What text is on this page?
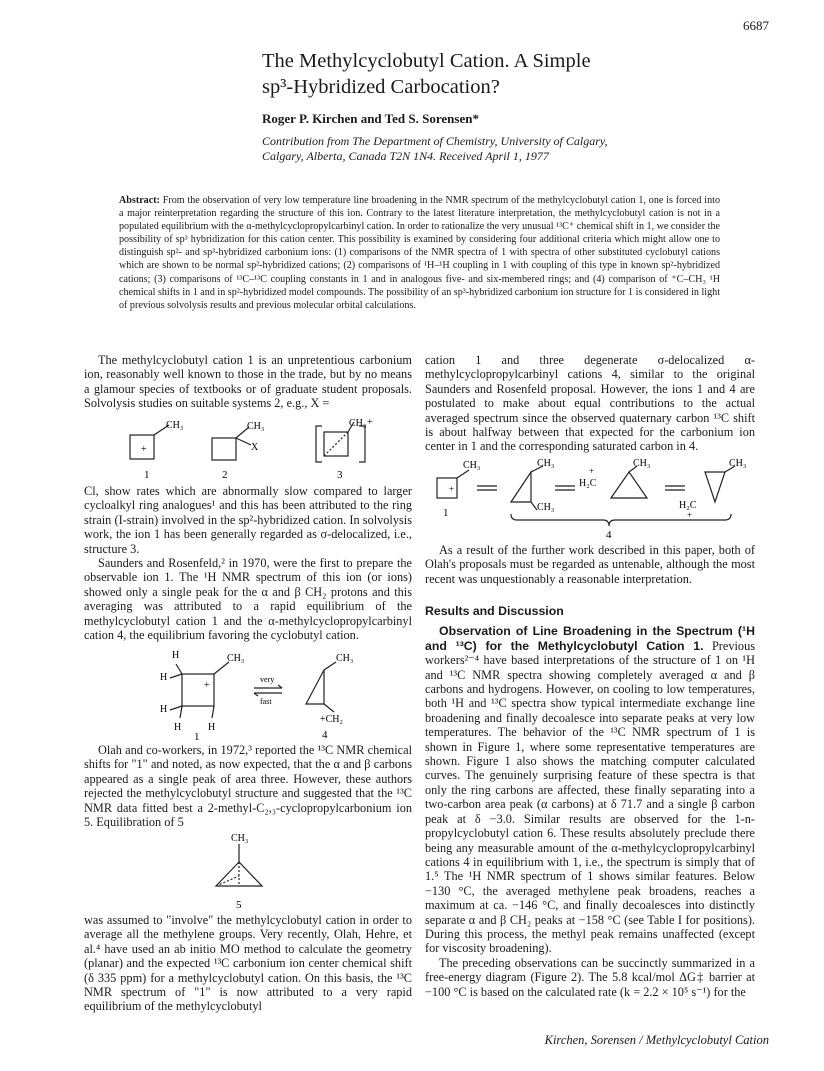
6687
The Methylcyclobutyl Cation. A Simple
sp³-Hybridized Carbocation?
Roger P. Kirchen and Ted S. Sorensen*
Contribution from The Department of Chemistry, University of Calgary,
Calgary, Alberta, Canada T2N 1N4. Received April 1, 1977
Abstract: From the observation of very low temperature line broadening in the NMR spectrum of the methylcyclobutyl cation 1, one is forced into a major reinterpretation regarding the structure of this ion. Contrary to the latest literature interpretation, the methylcyclobutyl cation is not in a populated equilibrium with the α-methylcyclopropylcarbinyl cation. In order to rationalize the very unusual ¹³C⁺ chemical shift in 1, we consider the possibility of sp³ hybridization for this cation center. This possibility is examined by considering four additional criteria which might allow one to distinguish sp²- and sp³-hybridized carbonium ions: (1) comparisons of the NMR spectra of 1 with spectra of other substituted cyclobutyl cations which are shown to be normal sp²-hybridized cations; (2) comparisons of ¹H–¹H coupling in 1 with coupling of this type in known sp²-hybridized cations; (3) comparisons of ¹³C–¹³C coupling constants in 1 and in analogous five- and six-membered rings; and (4) comparison of ⁺C–CH₃ ¹H chemical shifts in 1 and in sp²-hybridized model compounds. The possibility of an sp³-hybridized carbonium ion structure for 1 is considered in light of previous solvolysis results and previous molecular orbital calculations.

The methylcyclobutyl cation 1 is an unpretentious carbonium ion, reasonably well known to those in the trade, but by no means a glamour species of textbooks or of graduate student proposals. Solvolysis studies on suitable systems 2, e.g., X =

CH₃
+
CH₃
X
CH₃ +
1	2	3

Cl, show rates which are abnormally slow compared to larger cycloalkyl ring analogues¹ and this has been attributed to the ring strain (I-strain) involved in the sp²-hybridized cation. In solvolysis work, the ion 1 has been generally regarded as σ-delocalized, i.e., structure 3.

Saunders and Rosenfeld,² in 1970, were the first to prepare the observable ion 1. The ¹H NMR spectrum of this ion (or ions) showed only a single peak for the α and β CH₂ protons and this averaging was attributed to a rapid equilibrium of the methylcyclobutyl cation 1 and the α-methylcyclopropylcarbinyl cation 4, the equilibrium favoring the cyclobutyl cation.

H
H
CH₃
+
H
H	H
very
fast
CH₃
+CH₂
1	4

Olah and co-workers, in 1972,³ reported the ¹³C NMR chemical shifts for "1" and noted, as now expected, that the α and β carbons appeared as a single peak of area three. However, these authors rejected the methylcyclobutyl structure and suggested that the ¹³C NMR data fitted best a 2-methyl-C₂,₃-cyclopropylcarbonium ion 5. Equilibration of 5

CH₃
5

was assumed to "involve" the methylcyclobutyl cation in order to average all the methylene groups. Very recently, Olah, Hehre, et al.⁴ have used an ab initio MO method to calculate the geometry (planar) and the expected ¹³C carbonium ion center chemical shift (δ 335 ppm) for a methylcyclobutyl cation. On this basis, the ¹³C NMR spectrum of "1" is now attributed to a very rapid equilibrium of the methylcyclobutyl

cation 1 and three degenerate σ-delocalized α-methylcyclopropylcarbinyl cations 4, similar to the original Saunders and Rosenfeld proposal. However, the ions 1 and 4 are postulated to make about equal contributions to the actual averaged spectrum since the observed quaternary carbon ¹³C shift is about halfway between that expected for the carbonium ion center in 1 and the corresponding saturated carbon in 4.

CH₃
+
CH₃
CH₃
H₂C
+
CH₃	CH₃
H₂C
+
1
4

As a result of the further work described in this paper, both of Olah's proposals must be regarded as untenable, although the most recent was unquestionably a reasonable interpretation.

Results and Discussion

Observation of Line Broadening in the Spectrum (¹H and ¹³C) for the Methylcyclobutyl Cation 1. Previous workers²⁻⁴ have based interpretations of the structure of 1 on ¹H and ¹³C NMR spectra showing completely averaged α and β carbons and hydrogens. However, on cooling to low temperatures, both ¹H and ¹³C spectra show typical intermediate exchange line broadening and finally decoalesce into separate peaks at very low temperatures. The behavior of the ¹³C NMR spectrum of 1 is shown in Figure 1, where some representative temperatures are shown. Figure 1 also shows the matching computer calculated curves. The genuinely surprising feature of these spectra is that only the ring carbons are affected, these finally separating into a two-carbon area peak (α carbons) at δ 71.7 and a single β carbon peak at δ −3.0. Similar results are observed for the 1-n-propylcyclobutyl cation 6. These results absolutely preclude there being any measurable amount of the α-methylcyclopropylcarbinyl cations 4 in equilibrium with 1, i.e., the spectrum is simply that of 1.⁵ The ¹H NMR spectrum of 1 shows similar features. Below −130 °C, the averaged methylene peak broadens, reaches a maximum at ca. −146 °C, and finally decoalesces into distinctly separate α and β CH₂ peaks at −158 °C (see Table I for positions). During this process, the methyl peak remains unaffected (except for viscosity broadening).

The preceding observations can be succinctly summarized in a free-energy diagram (Figure 2). The 5.8 kcal/mol ΔG‡ barrier at −100 °C is based on the calculated rate (k = 2.2 × 10⁵ s⁻¹) for the

Kirchen, Sorensen / Methylcyclobutyl Cation
